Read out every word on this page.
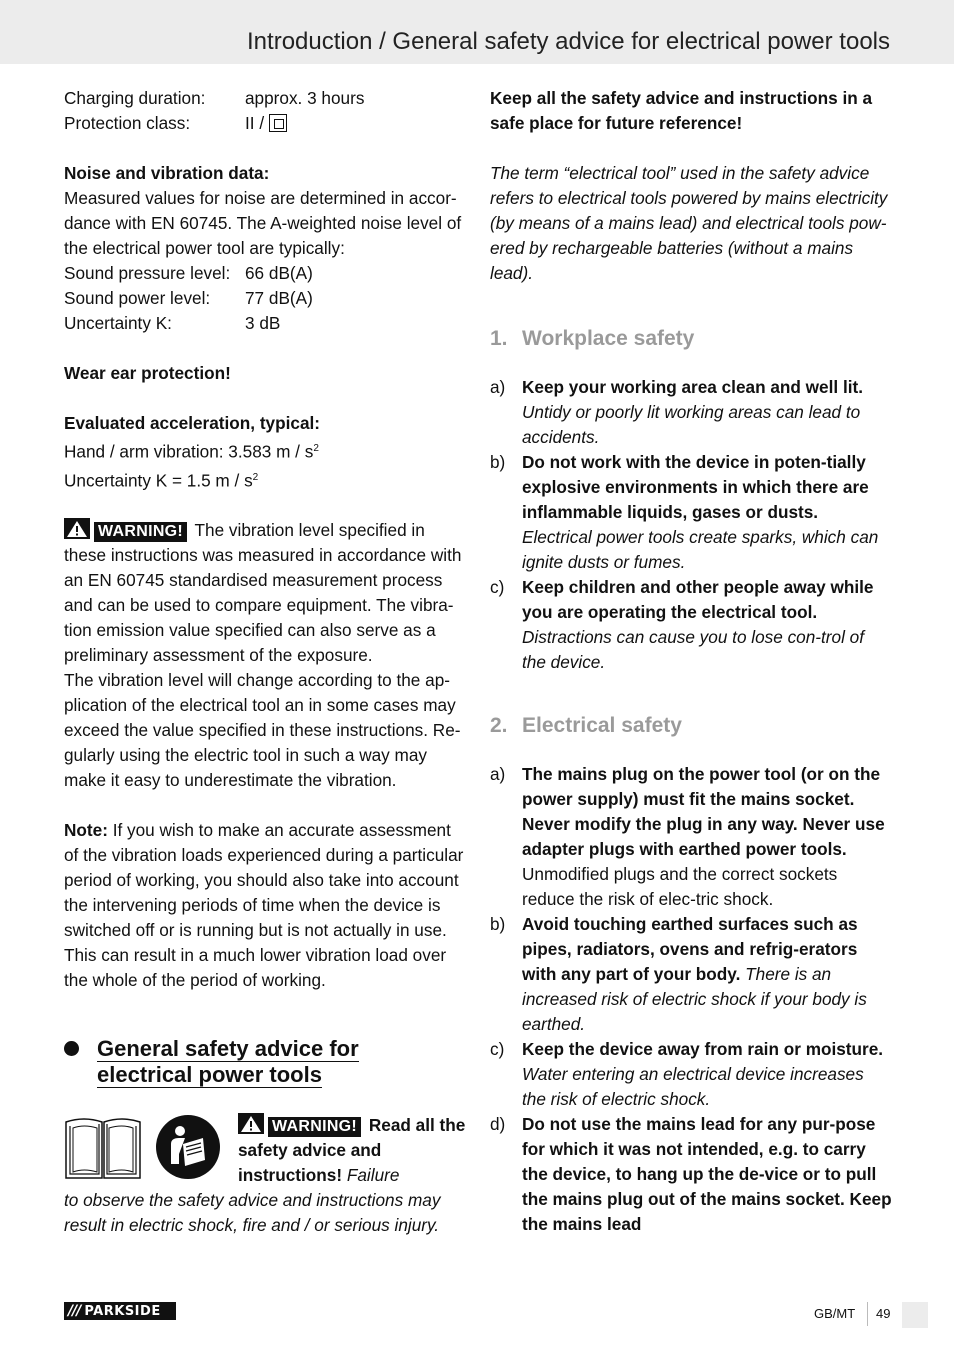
Introduction / General safety advice for electrical power tools
Charging duration:	approx. 3 hours
Protection class:	II /
Noise and vibration data:
Measured values for noise are determined in accor-dance with EN 60745. The A-weighted noise level of the electrical power tool are typically:
Sound pressure level: 66 dB(A)
Sound power level:	77 dB(A)
Uncertainty K:	3 dB
Wear ear protection!
Evaluated acceleration, typical:
Hand / arm vibration: 3.583 m / $s^2$
Uncertainty K = 1.5 m / $s^2$
WARNING! The vibration level specified in these instructions was measured in accordance with an EN 60745 standardised measurement process and can be used to compare equipment. The vibra-tion emission value specified can also serve as a preliminary assessment of the exposure.
The vibration level will change according to the ap-plication of the electrical tool an in some cases may exceed the value specified in these instructions. Re-gularly using the electric tool in such a way may make it easy to underestimate the vibration.
Note: If you wish to make an accurate assessment of the vibration loads experienced during a particular period of working, you should also take into account the intervening periods of time when the device is switched off or is running but is not actually in use. This can result in a much lower vibration load over the whole of the period of working.
General safety advice for
electrical power tools
WARNING! Read all the safety advice and instructions! Failure
to observe the safety advice and instructions may result in electric shock, fire and / or serious injury.
Keep all the safety advice and instructions in a safe place for future reference!
The term “electrical tool” used in the safety advice refers to electrical tools powered by mains electricity (by means of a mains lead) and electrical tools pow-ered by rechargeable batteries (without a mains lead).
1. Workplace safety
a) Keep your working area clean and well lit. Untidy or poorly lit working areas can lead to accidents.
b) Do not work with the device in poten-tially explosive environments in which there are inflammable liquids, gases or dusts. Electrical power tools create sparks, which can ignite dusts or fumes.
c)	Keep children and other people away while you are operating the electrical tool. Distractions can cause you to lose con-trol of the device.
2. Electrical safety
a) The mains plug on the power tool (or on the power supply) must fit the mains socket. Never modify the plug in any way. Never use adapter plugs with earthed power tools. Unmodified plugs and the correct sockets reduce the risk of elec-tric shock.
b) Avoid touching earthed surfaces such as pipes, radiators, ovens and refrig-erators with any part of your body. There is an increased risk of electric shock if your body is earthed.
c)	Keep the device away from rain or moisture. Water entering an electrical device increases the risk of electric shock.
d) Do not use the mains lead for any pur-pose for which it was not intended, e.g. to carry the device, to hang up the de-vice or to pull the mains plug out of the mains socket. Keep the mains lead
/// PARKSIDE	GB/MT 49
